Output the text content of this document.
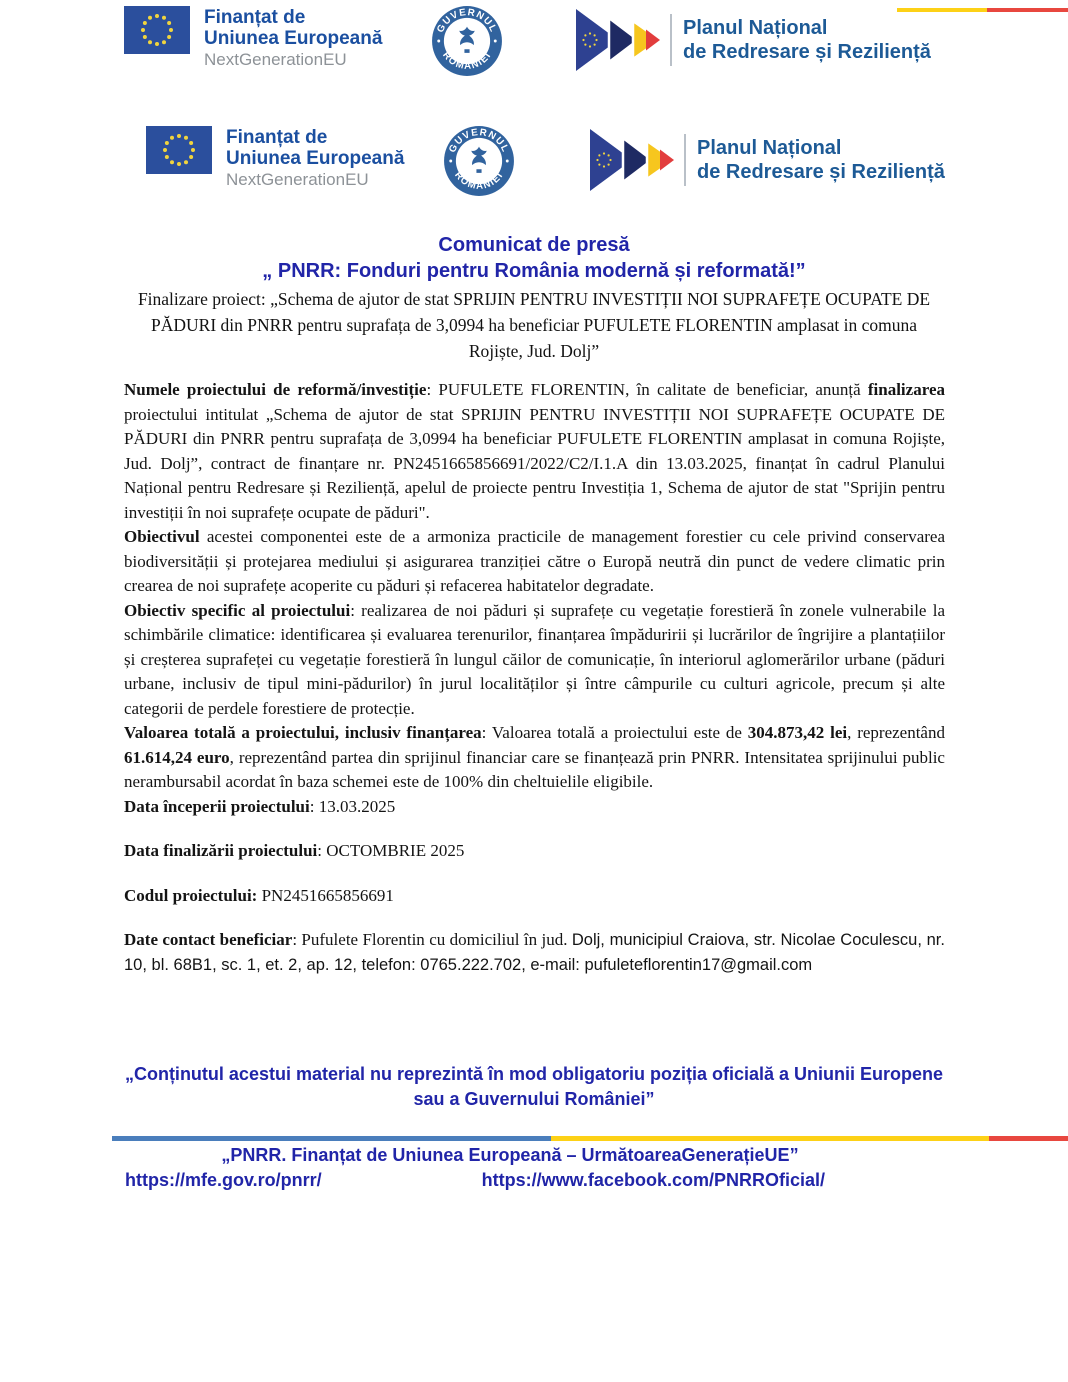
Finanțat de
Uniunea Europeană
NextGenerationEU
GUVERNUL
ROMÂNIEI
Planul Național
de Redresare și Reziliență
Finanțat de
Uniunea Europeană
NextGenerationEU
GUVERNUL
ROMÂNIEI
Planul Național
de Redresare și Reziliență
Comunicat de presă
„ PNRR: Fonduri pentru România modernă și reformată!”
Finalizare proiect: „Schema de ajutor de stat SPRIJIN PENTRU INVESTIȚII NOI SUPRAFEȚE OCUPATE DE PĂDURI din PNRR pentru suprafața de 3,0994 ha beneficiar PUFULETE FLORENTIN amplasat in comuna Rojiște, Jud. Dolj”

Numele proiectului de reformă/investiție: PUFULETE FLORENTIN, în calitate de beneficiar, anunță finalizarea proiectului intitulat „Schema de ajutor de stat SPRIJIN PENTRU INVESTIȚII NOI SUPRAFEȚE OCUPATE DE PĂDURI din PNRR pentru suprafața de 3,0994 ha beneficiar PUFULETE FLORENTIN amplasat in comuna Rojiște, Jud. Dolj”, contract de finanțare nr. PN2451665856691/2022/C2/I.1.A din 13.03.2025, finanțat în cadrul Planului Național pentru Redresare și Reziliență, apelul de proiecte pentru Investiția 1, Schema de ajutor de stat "Sprijin pentru investiții în noi suprafețe ocupate de păduri".

Obiectivul acestei componentei este de a armoniza practicile de management forestier cu cele privind conservarea biodiversității și protejarea mediului și asigurarea tranziției către o Europă neutră din punct de vedere climatic prin crearea de noi suprafețe acoperite cu păduri și refacerea habitatelor degradate.

Obiectiv specific al proiectului: realizarea de noi păduri și suprafețe cu vegetație forestieră în zonele vulnerabile la schimbările climatice: identificarea și evaluarea terenurilor, finanțarea împăduririi și lucrărilor de îngrijire a plantațiilor și creșterea suprafeței cu vegetație forestieră în lungul căilor de comunicație, în interiorul aglomerărilor urbane (păduri urbane, inclusiv de tipul mini-pădurilor) în jurul localităților și între câmpurile cu culturi agricole, precum și alte categorii de perdele forestiere de protecție.

Valoarea totală a proiectului, inclusiv finanțarea: Valoarea totală a proiectului este de 304.873,42 lei, reprezentând 61.614,24 euro, reprezentând partea din sprijinul financiar care se finanțează prin PNRR. Intensitatea sprijinului public nerambursabil acordat în baza schemei este de 100% din cheltuielile eligibile.

Data începerii proiectului: 13.03.2025

Data finalizării proiectului: OCTOMBRIE 2025

Codul proiectului: PN2451665856691

Date contact beneficiar: Pufulete Florentin cu domiciliul în jud. Dolj, municipiul Craiova, str. Nicolae Coculescu, nr. 10, bl. 68B1, sc. 1, et. 2, ap. 12, telefon: 0765.222.702, e-mail: pufuleteflorentin17@gmail.com

„Conținutul acestui material nu reprezintă în mod obligatoriu poziția oficială a Uniunii Europene sau a Guvernului României”
„PNRR. Finanțat de Uniunea Europeană – UrmătoareaGenerațieUE”
https://mfe.gov.ro/pnrr/	https://www.facebook.com/PNRROficial/
